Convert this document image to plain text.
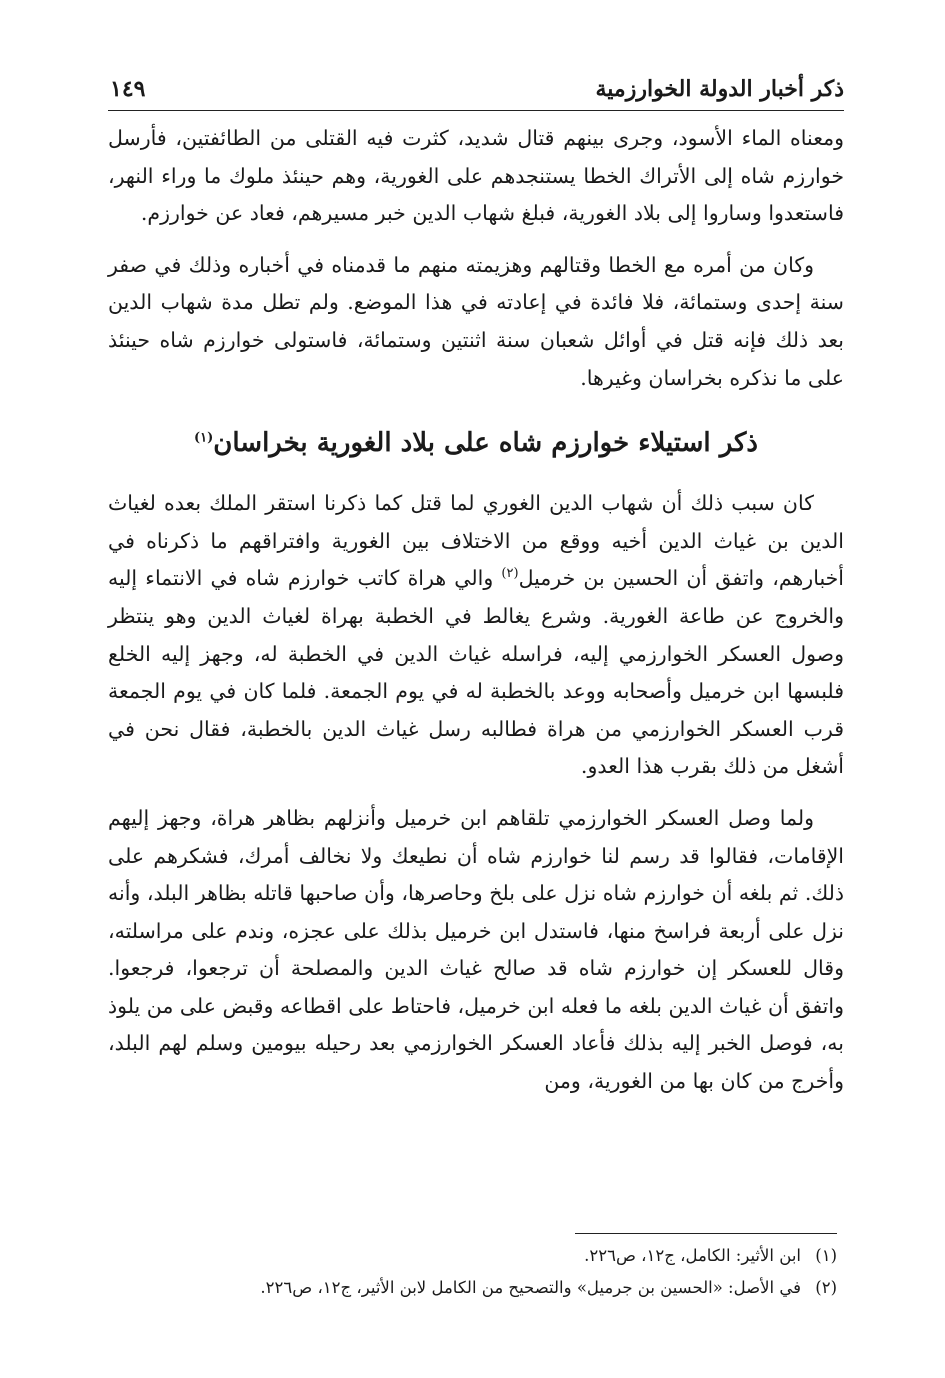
ذكر أخبار الدولة الخوارزمية
١٤٩

ومعناه الماء الأسود، وجرى بينهم قتال شديد، كثرت فيه القتلى من الطائفتين، فأرسل خوارزم شاه إلى الأتراك الخطا يستنجدهم على الغورية، وهم حينئذ ملوك ما وراء النهر، فاستعدوا وساروا إلى بلاد الغورية، فبلغ شهاب الدين خبر مسيرهم، فعاد عن خوارزم.

وكان من أمره مع الخطا وقتالهم وهزيمته منهم ما قدمناه في أخباره وذلك في صفر سنة إحدى وستمائة، فلا فائدة في إعادته في هذا الموضع. ولم تطل مدة شهاب الدين بعد ذلك فإنه قتل في أوائل شعبان سنة اثنتين وستمائة، فاستولى خوارزم شاه حينئذ على ما نذكره بخراسان وغيرها.

ذكر استيلاء خوارزم شاه على بلاد الغورية بخراسان$^{(١)}$

كان سبب ذلك أن شهاب الدين الغوري لما قتل كما ذكرنا استقر الملك بعده لغياث الدين بن غياث الدين أخيه ووقع من الاختلاف بين الغورية وافتراقهم ما ذكرناه في أخبارهم، واتفق أن الحسين بن خرميل$^{(٢)}$ والي هراة كاتب خوارزم شاه في الانتماء إليه والخروج عن طاعة الغورية. وشرع يغالط في الخطبة بهراة لغياث الدين وهو ينتظر وصول العسكر الخوارزمي إليه، فراسله غياث الدين في الخطبة له، وجهز إليه الخلع فلبسها ابن خرميل وأصحابه ووعد بالخطبة له في يوم الجمعة. فلما كان في يوم الجمعة قرب العسكر الخوارزمي من هراة فطالبه رسل غياث الدين بالخطبة، فقال نحن في أشغل من ذلك بقرب هذا العدو.

ولما وصل العسكر الخوارزمي تلقاهم ابن خرميل وأنزلهم بظاهر هراة، وجهز إليهم الإقامات، فقالوا قد رسم لنا خوارزم شاه أن نطيعك ولا نخالف أمرك، فشكرهم على ذلك. ثم بلغه أن خوارزم شاه نزل على بلخ وحاصرها، وأن صاحبها قاتله بظاهر البلد، وأنه نزل على أربعة فراسخ منها، فاستدل ابن خرميل بذلك على عجزه، وندم على مراسلته، وقال للعسكر إن خوارزم شاه قد صالح غياث الدين والمصلحة أن ترجعوا، فرجعوا. واتفق أن غياث الدين بلغه ما فعله ابن خرميل، فاحتاط على اقطاعه وقبض على من يلوذ به، فوصل الخبر إليه بذلك فأعاد العسكر الخوارزمي بعد رحيله بيومين وسلم لهم البلد، وأخرج من كان بها من الغورية، ومن

(١)
ابن الأثير: الكامل، ج١٢، ص٢٢٦.
(٢)
في الأصل: «الحسين بن جرميل» والتصحيح من الكامل لابن الأثير، ج١٢، ص٢٢٦.
